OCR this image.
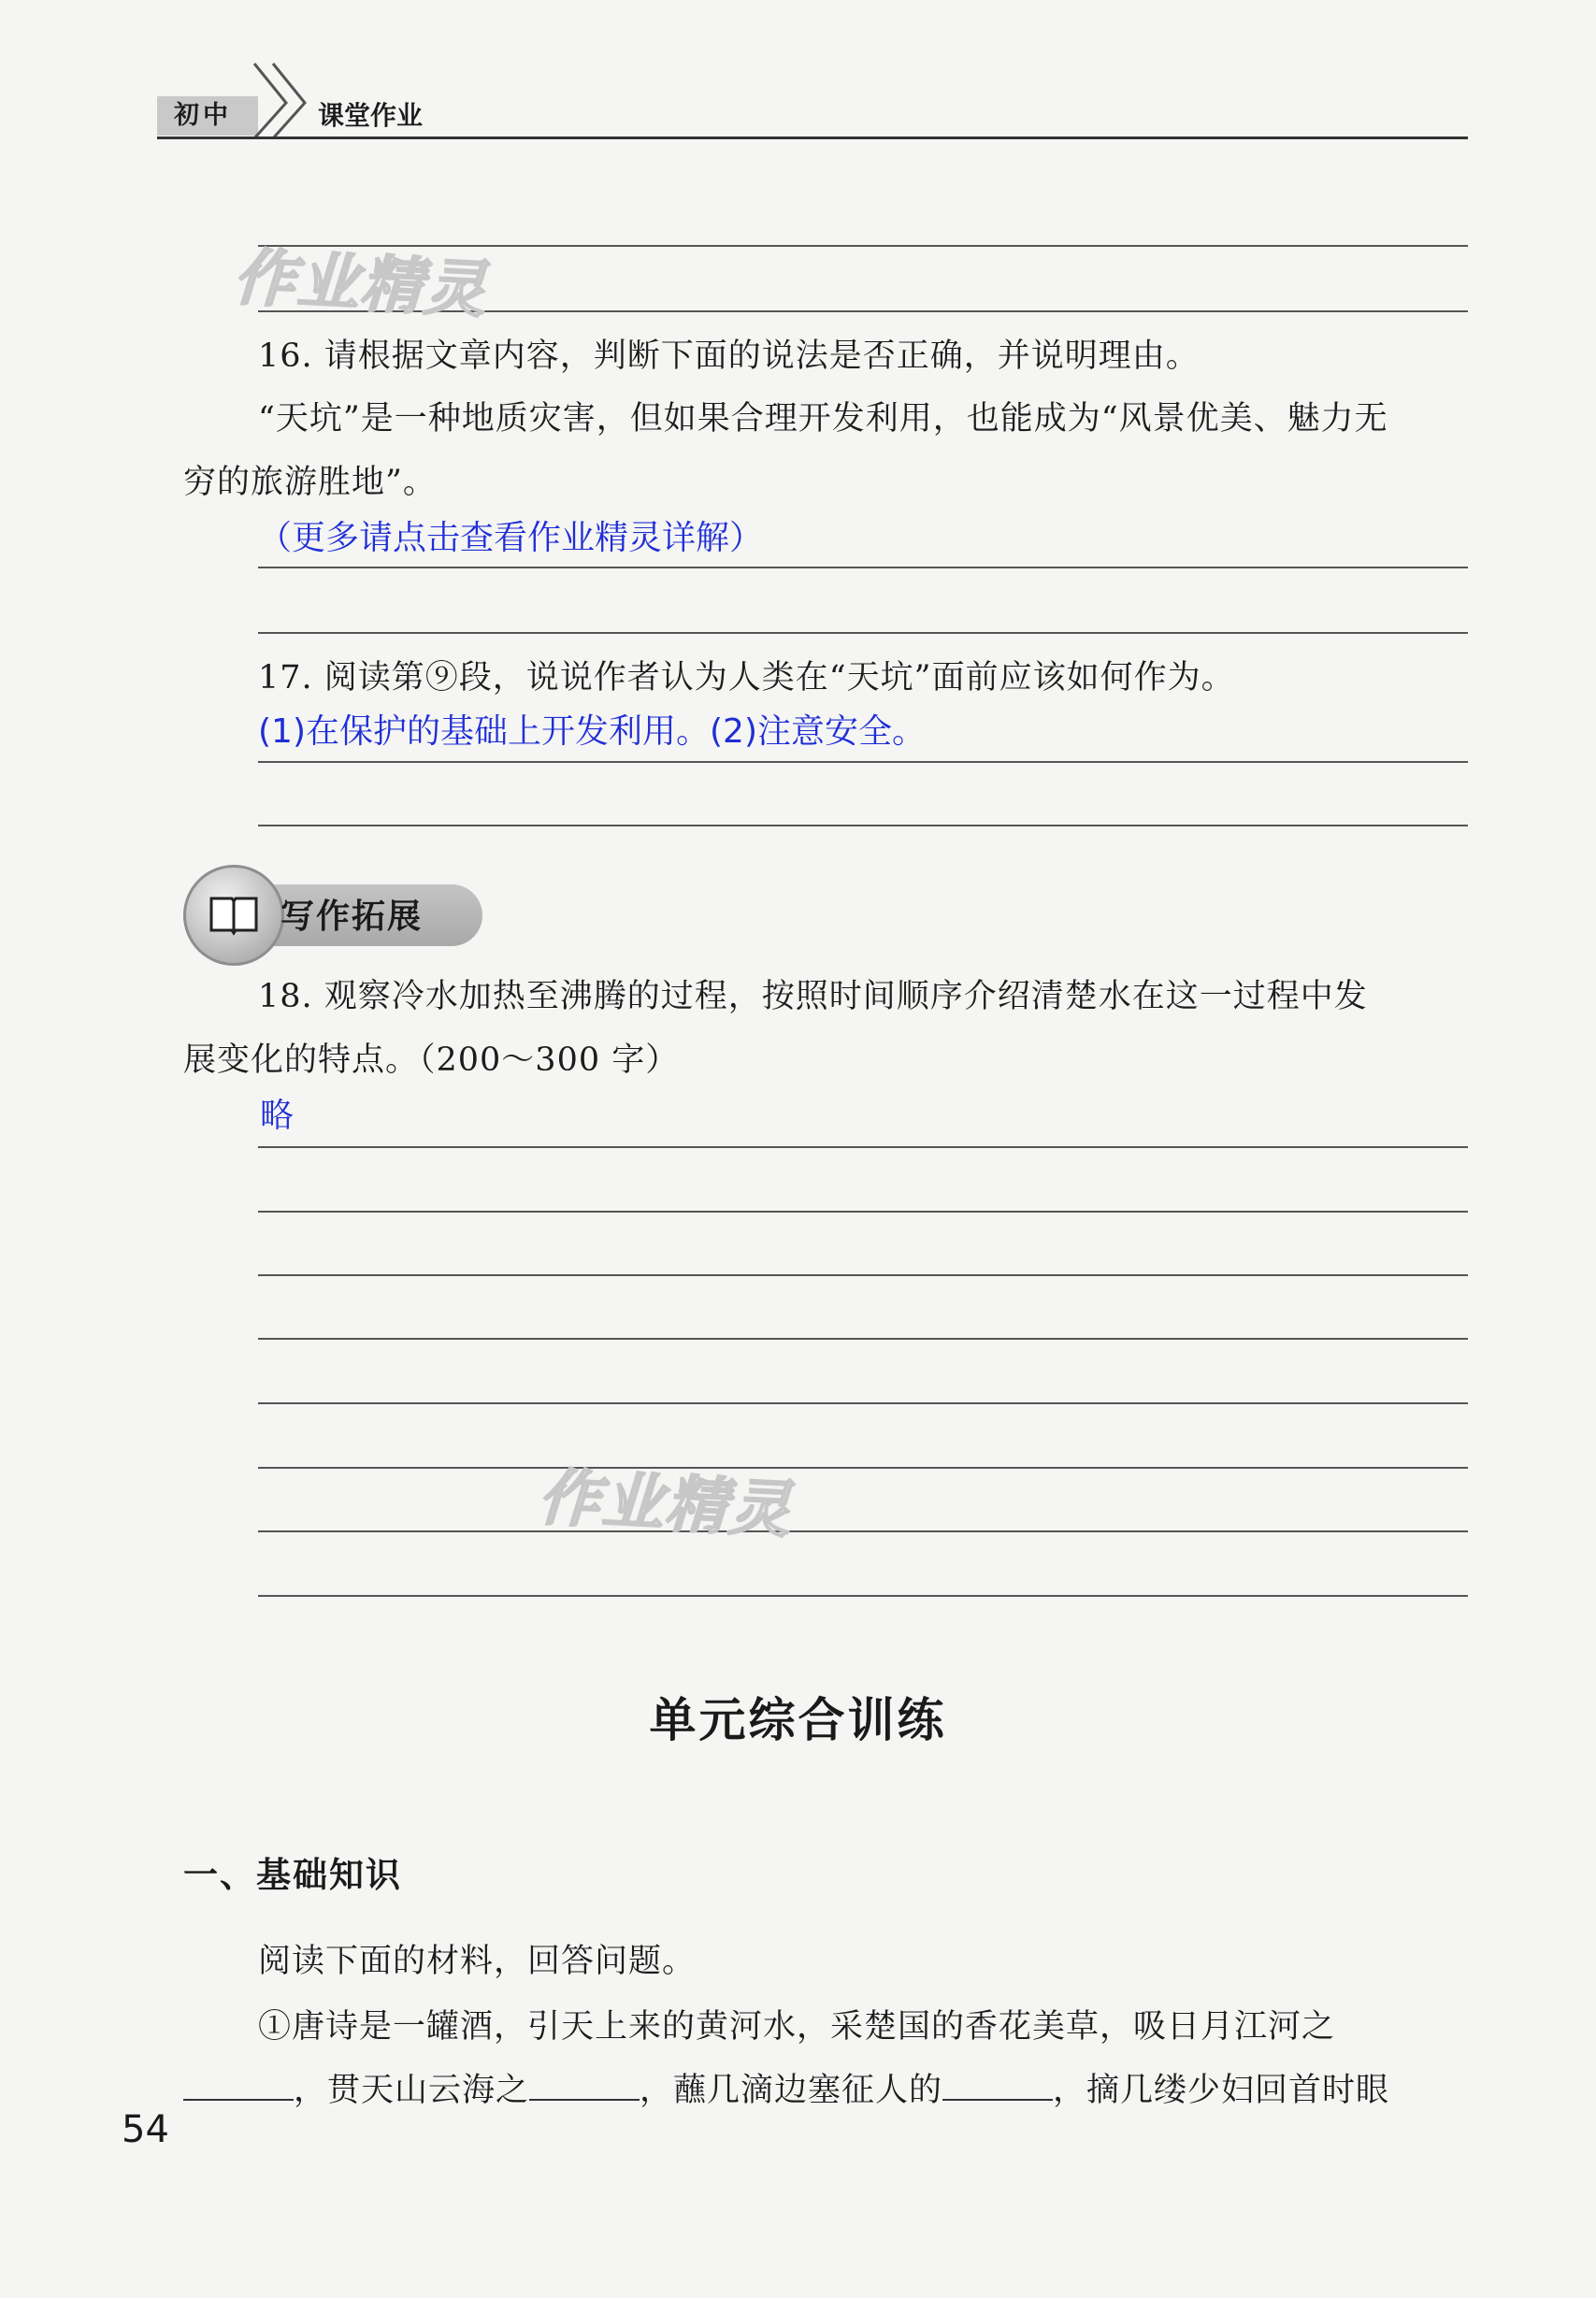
初中	课堂作业
作业精灵
16. 请根据文章内容，判断下面的说法是否正确，并说明理由。
“天坑”是一种地质灾害，但如果合理开发利用，也能成为“风景优美、魅力无
穷的旅游胜地”。
（更多请点击查看作业精灵详解）
17. 阅读第⑨段，说说作者认为人类在“天坑”面前应该如何作为。
(1)在保护的基础上开发利用。(2)注意安全。
写作拓展
18. 观察冷水加热至沸腾的过程，按照时间顺序介绍清楚水在这一过程中发
展变化的特点。（200～300 字）
略
作业精灵
单元综合训练
一、基础知识
阅读下面的材料，回答问题。
①唐诗是一罐酒，引天上来的黄河水，采楚国的香花美草，吸日月江河之
，贯天山云海之	，蘸几滴边塞征人的	，摘几缕少妇回首时眼
54
